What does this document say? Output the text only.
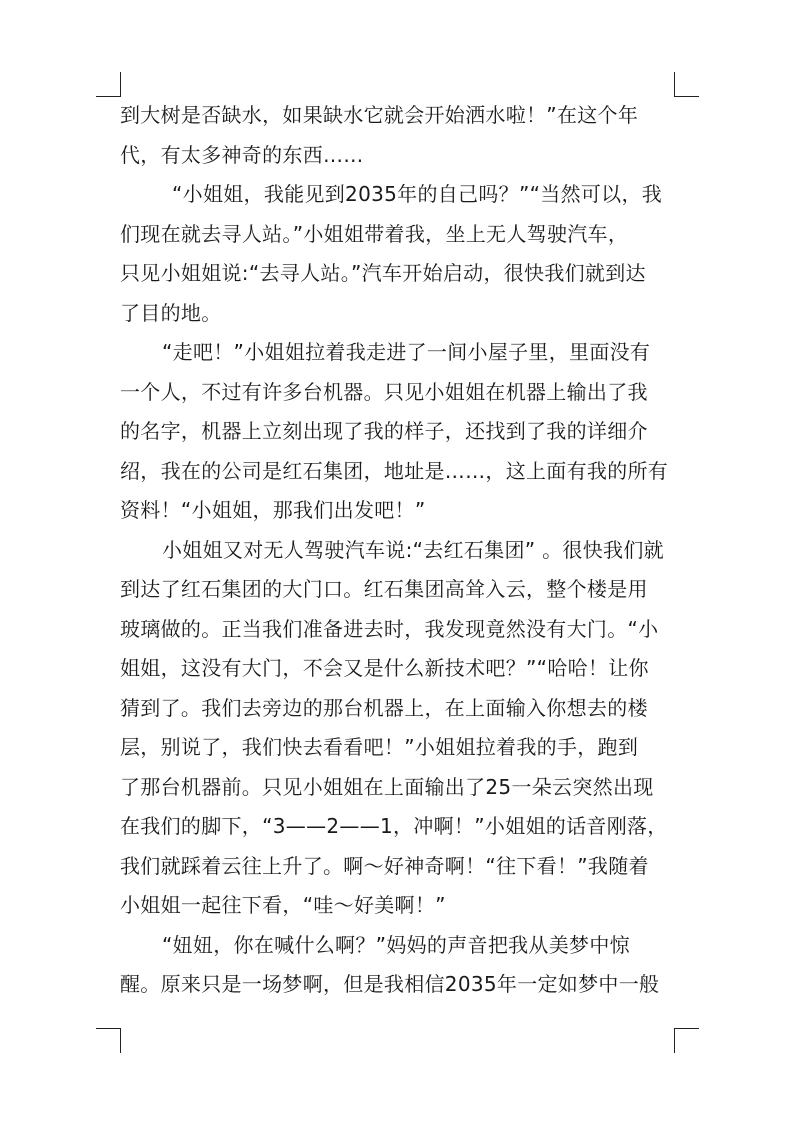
到大树是否缺水，如果缺水它就会开始洒水啦！”在这个年
代，有太多神奇的东西……
“小姐姐，我能见到2035年的自己吗？”“当然可以，我
们现在就去寻人站。”小姐姐带着我，坐上无人驾驶汽车，
只见小姐姐说:“去寻人站。”汽车开始启动，很快我们就到达
了目的地。
“走吧！”小姐姐拉着我走进了一间小屋子里，里面没有
一个人，不过有许多台机器。只见小姐姐在机器上输出了我
的名字，机器上立刻出现了我的样子，还找到了我的详细介
绍，我在的公司是红石集团，地址是……，这上面有我的所有
资料！“小姐姐，那我们出发吧！”
小姐姐又对无人驾驶汽车说:“去红石集团” 。很快我们就
到达了红石集团的大门口。红石集团高耸入云，整个楼是用
玻璃做的。正当我们准备进去时，我发现竟然没有大门。“小
姐姐，这没有大门，不会又是什么新技术吧？”“哈哈！让你
猜到了。我们去旁边的那台机器上，在上面输入你想去的楼
层，别说了，我们快去看看吧！”小姐姐拉着我的手，跑到
了那台机器前。只见小姐姐在上面输出了25一朵云突然出现
在我们的脚下，“3——2——1，冲啊！”小姐姐的话音刚落，
我们就踩着云往上升了。啊～好神奇啊！“往下看！”我随着
小姐姐一起往下看，“哇～好美啊！”
“妞妞，你在喊什么啊？”妈妈的声音把我从美梦中惊
醒。原来只是一场梦啊，但是我相信2035年一定如梦中一般
